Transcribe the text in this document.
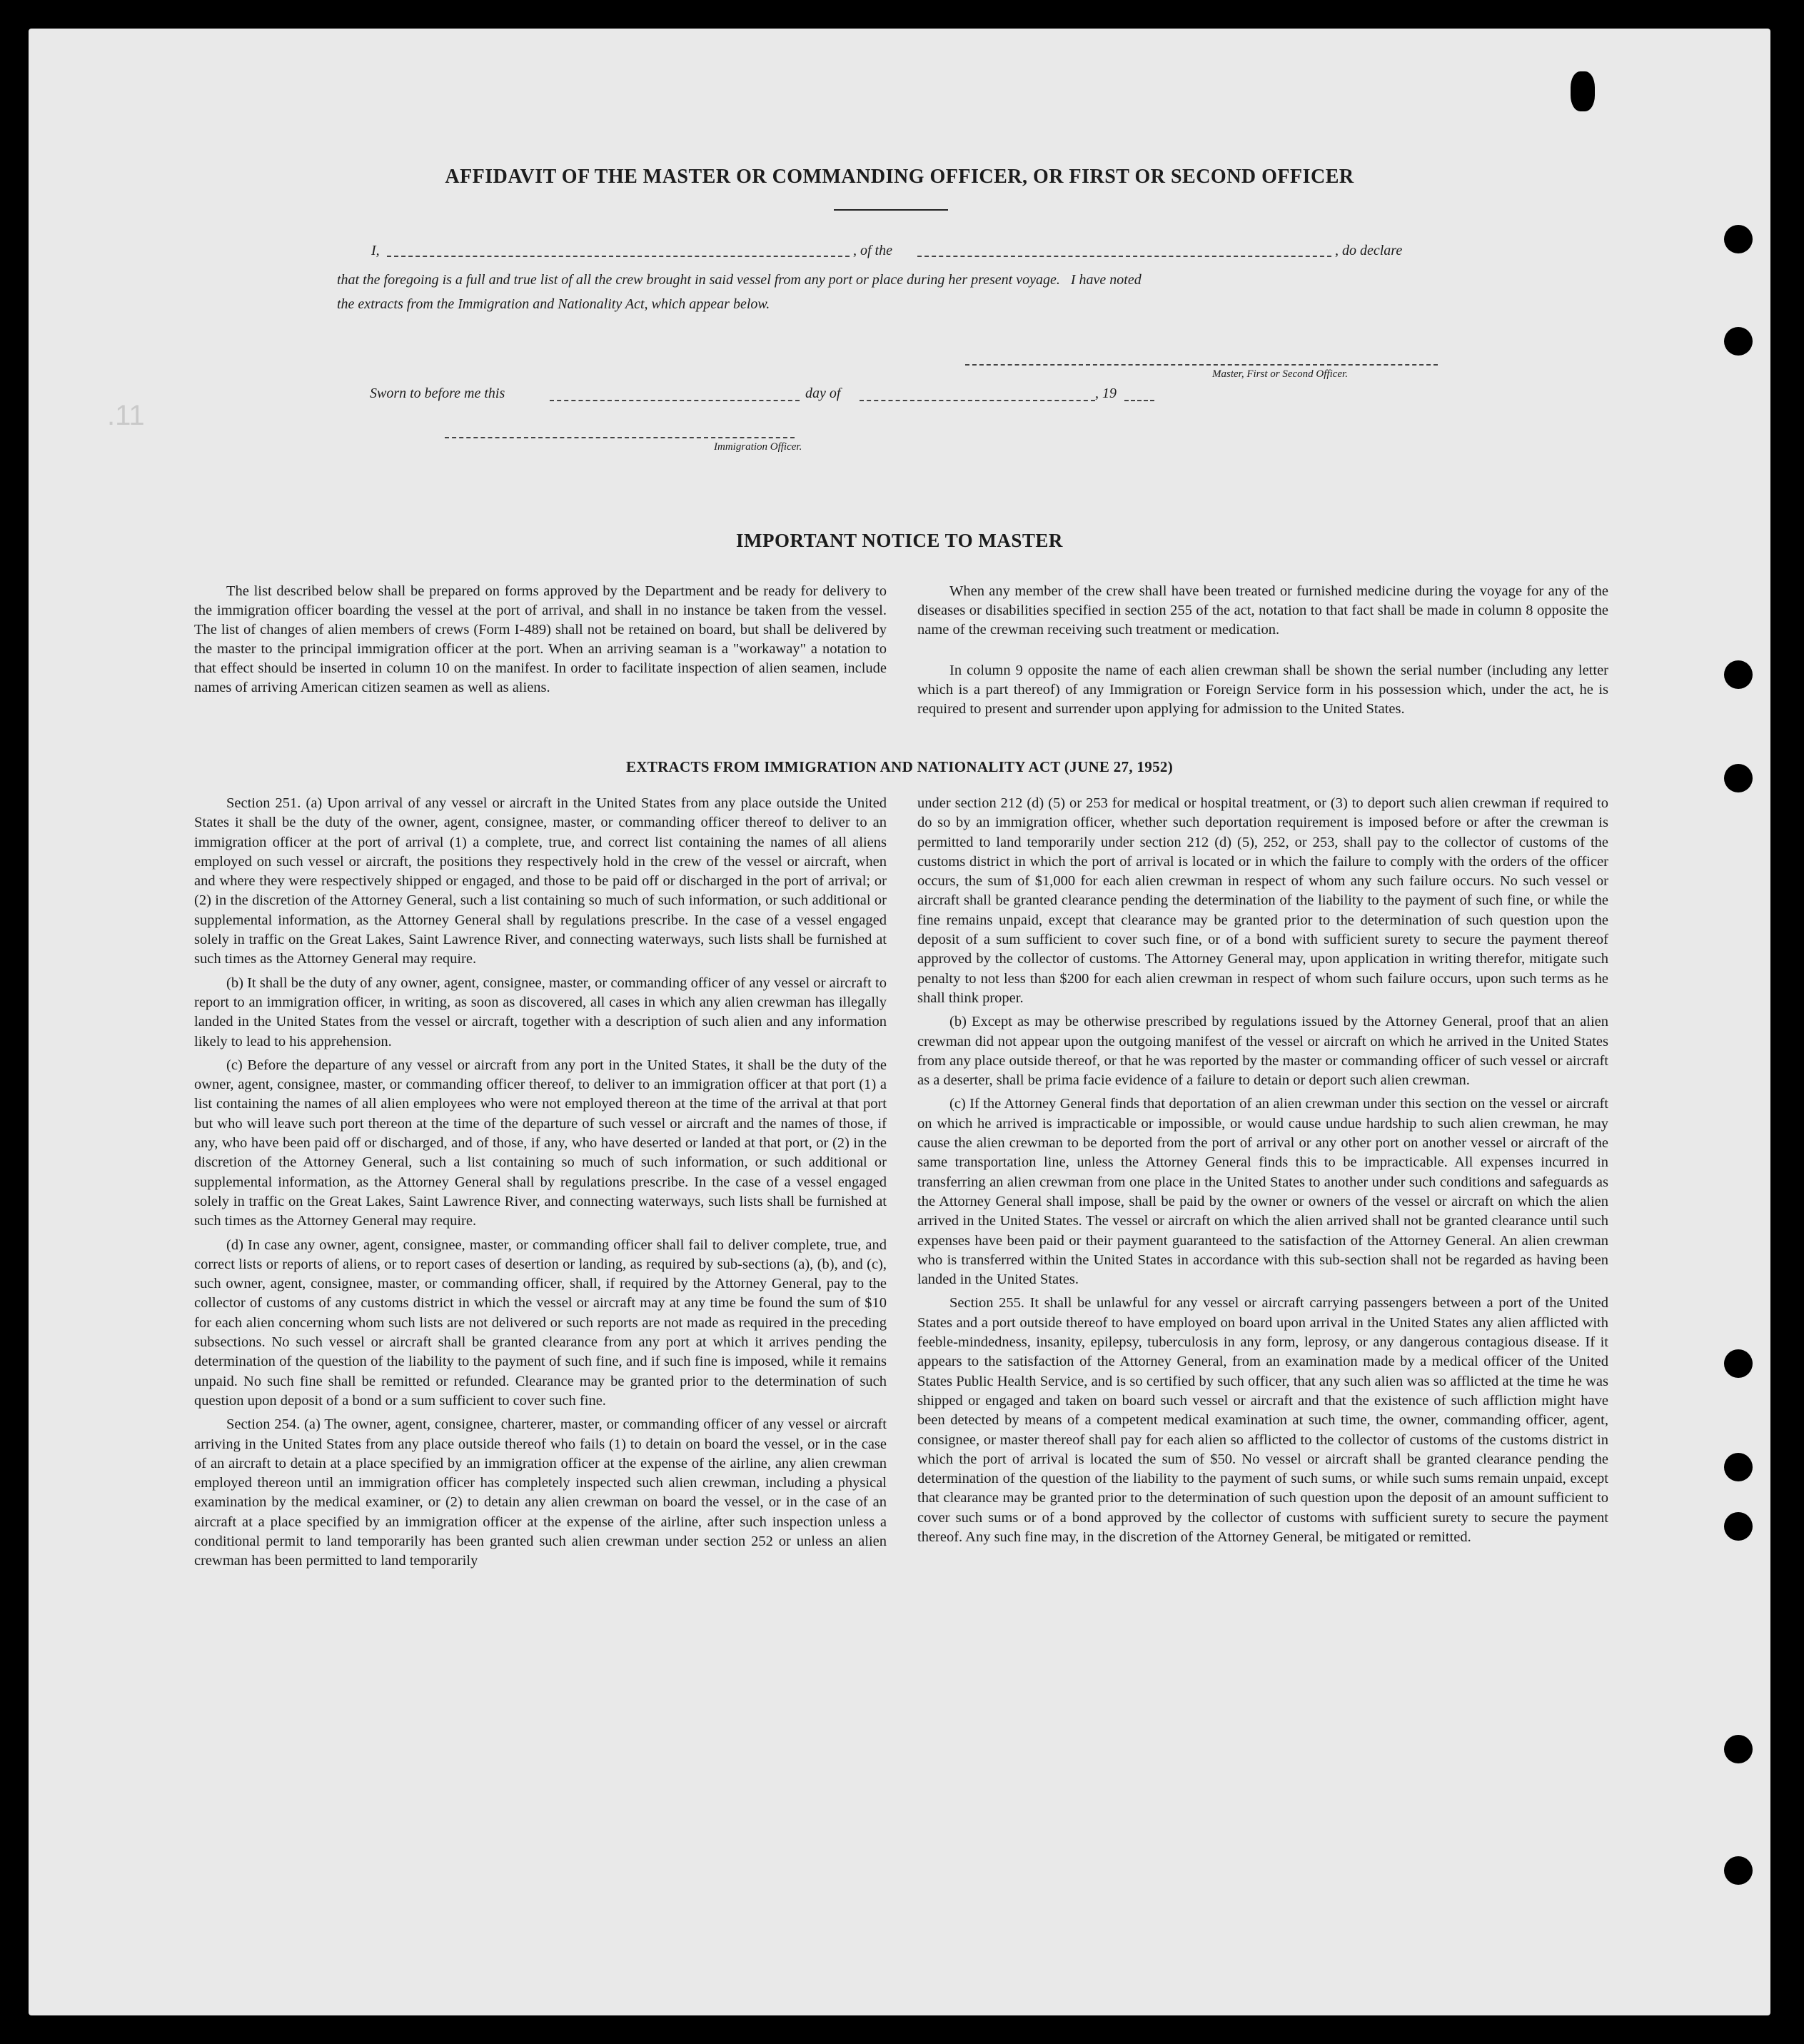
.11
AFFIDAVIT OF THE MASTER OR COMMANDING OFFICER, OR FIRST OR SECOND OFFICER
I,	, of the	, do declare
that the foregoing is a full and true list of all the crew brought in said vessel from any port or place during her present voyage.   I have noted
the extracts from the Immigration and Nationality Act, which appear below.
Master, First or Second Officer.
Sworn to before me this	day of	, 19
Immigration Officer.
IMPORTANT NOTICE TO MASTER

The list described below shall be prepared on forms approved by the Department and be ready for delivery to the immigration officer boarding the vessel at the port of arrival, and shall in no instance be taken from the vessel. The list of changes of alien members of crews (Form I-489) shall not be retained on board, but shall be delivered by the master to the principal immigration officer at the port. When an arriving seaman is a "workaway" a notation to that effect should be inserted in column 10 on the manifest. In order to facilitate inspection of alien seamen, include names of arriving American citizen seamen as well as aliens.

When any member of the crew shall have been treated or furnished medicine during the voyage for any of the diseases or disabilities specified in section 255 of the act, notation to that fact shall be made in column 8 opposite the name of the crewman receiving such treatment or medication.

In column 9 opposite the name of each alien crewman shall be shown the serial number (including any letter which is a part thereof) of any Immigration or Foreign Service form in his possession which, under the act, he is required to present and surrender upon applying for admission to the United States.

EXTRACTS FROM IMMIGRATION AND NATIONALITY ACT (JUNE 27, 1952)

Section 251. (a) Upon arrival of any vessel or aircraft in the United States from any place outside the United States it shall be the duty of the owner, agent, consignee, master, or commanding officer thereof to deliver to an immigration officer at the port of arrival (1) a complete, true, and correct list containing the names of all aliens employed on such vessel or aircraft, the positions they respectively hold in the crew of the vessel or aircraft, when and where they were respectively shipped or engaged, and those to be paid off or discharged in the port of arrival; or (2) in the discretion of the Attorney General, such a list containing so much of such information, or such additional or supplemental information, as the Attorney General shall by regulations prescribe. In the case of a vessel engaged solely in traffic on the Great Lakes, Saint Lawrence River, and connecting waterways, such lists shall be furnished at such times as the Attorney General may require.

(b) It shall be the duty of any owner, agent, consignee, master, or commanding officer of any vessel or aircraft to report to an immigration officer, in writing, as soon as discovered, all cases in which any alien crewman has illegally landed in the United States from the vessel or aircraft, together with a description of such alien and any information likely to lead to his apprehension.

(c) Before the departure of any vessel or aircraft from any port in the United States, it shall be the duty of the owner, agent, consignee, master, or commanding officer thereof, to deliver to an immigration officer at that port (1) a list containing the names of all alien employees who were not employed thereon at the time of the arrival at that port but who will leave such port thereon at the time of the departure of such vessel or aircraft and the names of those, if any, who have been paid off or discharged, and of those, if any, who have deserted or landed at that port, or (2) in the discretion of the Attorney General, such a list containing so much of such information, or such additional or supplemental information, as the Attorney General shall by regulations prescribe. In the case of a vessel engaged solely in traffic on the Great Lakes, Saint Lawrence River, and connecting waterways, such lists shall be furnished at such times as the Attorney General may require.

(d) In case any owner, agent, consignee, master, or commanding officer shall fail to deliver complete, true, and correct lists or reports of aliens, or to report cases of desertion or landing, as required by sub-sections (a), (b), and (c), such owner, agent, consignee, master, or commanding officer, shall, if required by the Attorney General, pay to the collector of customs of any customs district in which the vessel or aircraft may at any time be found the sum of $10 for each alien concerning whom such lists are not delivered or such reports are not made as required in the preceding subsections. No such vessel or aircraft shall be granted clearance from any port at which it arrives pending the determination of the question of the liability to the payment of such fine, and if such fine is imposed, while it remains unpaid. No such fine shall be remitted or refunded. Clearance may be granted prior to the determination of such question upon deposit of a bond or a sum sufficient to cover such fine.

Section 254. (a) The owner, agent, consignee, charterer, master, or commanding officer of any vessel or aircraft arriving in the United States from any place outside thereof who fails (1) to detain on board the vessel, or in the case of an aircraft to detain at a place specified by an immigration officer at the expense of the airline, any alien crewman employed thereon until an immigration officer has completely inspected such alien crewman, including a physical examination by the medical examiner, or (2) to detain any alien crewman on board the vessel, or in the case of an aircraft at a place specified by an immigration officer at the expense of the airline, after such inspection unless a conditional permit to land temporarily has been granted such alien crewman under section 252 or unless an alien crewman has been permitted to land temporarily

under section 212 (d) (5) or 253 for medical or hospital treatment, or (3) to deport such alien crewman if required to do so by an immigration officer, whether such deportation requirement is imposed before or after the crewman is permitted to land temporarily under section 212 (d) (5), 252, or 253, shall pay to the collector of customs of the customs district in which the port of arrival is located or in which the failure to comply with the orders of the officer occurs, the sum of $1,000 for each alien crewman in respect of whom any such failure occurs. No such vessel or aircraft shall be granted clearance pending the determination of the liability to the payment of such fine, or while the fine remains unpaid, except that clearance may be granted prior to the determination of such question upon the deposit of a sum sufficient to cover such fine, or of a bond with sufficient surety to secure the payment thereof approved by the collector of customs. The Attorney General may, upon application in writing therefor, mitigate such penalty to not less than $200 for each alien crewman in respect of whom such failure occurs, upon such terms as he shall think proper.

(b) Except as may be otherwise prescribed by regulations issued by the Attorney General, proof that an alien crewman did not appear upon the outgoing manifest of the vessel or aircraft on which he arrived in the United States from any place outside thereof, or that he was reported by the master or commanding officer of such vessel or aircraft as a deserter, shall be prima facie evidence of a failure to detain or deport such alien crewman.

(c) If the Attorney General finds that deportation of an alien crewman under this section on the vessel or aircraft on which he arrived is impracticable or impossible, or would cause undue hardship to such alien crewman, he may cause the alien crewman to be deported from the port of arrival or any other port on another vessel or aircraft of the same transportation line, unless the Attorney General finds this to be impracticable. All expenses incurred in transferring an alien crewman from one place in the United States to another under such conditions and safeguards as the Attorney General shall impose, shall be paid by the owner or owners of the vessel or aircraft on which the alien arrived in the United States. The vessel or aircraft on which the alien arrived shall not be granted clearance until such expenses have been paid or their payment guaranteed to the satisfaction of the Attorney General. An alien crewman who is transferred within the United States in accordance with this sub-section shall not be regarded as having been landed in the United States.

Section 255. It shall be unlawful for any vessel or aircraft carrying passengers between a port of the United States and a port outside thereof to have employed on board upon arrival in the United States any alien afflicted with feeble-mindedness, insanity, epilepsy, tuberculosis in any form, leprosy, or any dangerous contagious disease. If it appears to the satisfaction of the Attorney General, from an examination made by a medical officer of the United States Public Health Service, and is so certified by such officer, that any such alien was so afflicted at the time he was shipped or engaged and taken on board such vessel or aircraft and that the existence of such affliction might have been detected by means of a competent medical examination at such time, the owner, commanding officer, agent, consignee, or master thereof shall pay for each alien so afflicted to the collector of customs of the customs district in which the port of arrival is located the sum of $50. No vessel or aircraft shall be granted clearance pending the determination of the question of the liability to the payment of such sums, or while such sums remain unpaid, except that clearance may be granted prior to the determination of such question upon the deposit of an amount sufficient to cover such sums or of a bond approved by the collector of customs with sufficient surety to secure the payment thereof. Any such fine may, in the discretion of the Attorney General, be mitigated or remitted.
